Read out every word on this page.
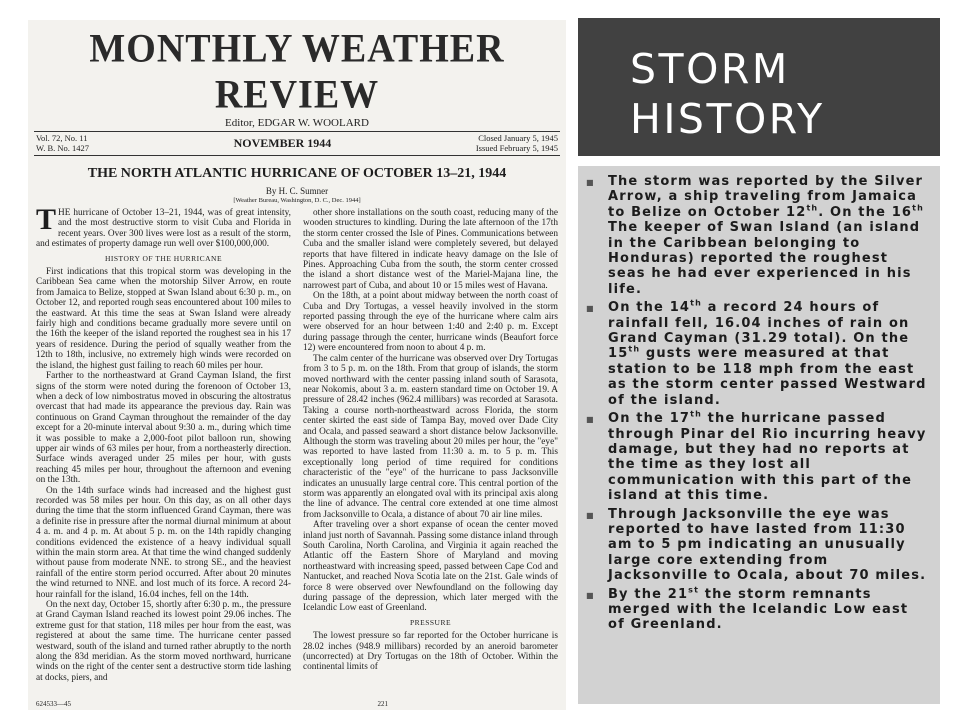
MONTHLY WEATHER REVIEW
Editor, EDGAR W. WOOLARD
Vol. 72, No. 11
W. B. No. 1427	NOVEMBER 1944	Closed January 5, 1945
Issued February 5, 1945
THE NORTH ATLANTIC HURRICANE OF OCTOBER 13–21, 1944
By H. C. Sumner
[Weather Bureau, Washington, D. C., Dec. 1944]

THE hurricane of October 13–21, 1944, was of great intensity, and the most destructive storm to visit Cuba and Florida in recent years. Over 300 lives were lost as a result of the storm, and estimates of property damage run well over $100,000,000.

HISTORY OF THE HURRICANE

First indications that this tropical storm was developing in the Caribbean Sea came when the motorship Silver Arrow, en route from Jamaica to Belize, stopped at Swan Island about 6:30 p. m., on October 12, and reported rough seas encountered about 100 miles to the eastward. At this time the seas at Swan Island were already fairly high and conditions became gradually more severe until on the 16th the keeper of the island reported the roughest sea in his 17 years of residence. During the period of squally weather from the 12th to 18th, inclusive, no extremely high winds were recorded on the island, the highest gust failing to reach 60 miles per hour.

Farther to the northeastward at Grand Cayman Island, the first signs of the storm were noted during the forenoon of October 13, when a deck of low nimbostratus moved in obscuring the altostratus overcast that had made its appearance the previous day. Rain was continuous on Grand Cayman throughout the remainder of the day except for a 20-minute interval about 9:30 a. m., during which time it was possible to make a 2,000-foot pilot balloon run, showing upper air winds of 63 miles per hour, from a northeasterly direction. Surface winds averaged under 25 miles per hour, with gusts reaching 45 miles per hour, throughout the afternoon and evening on the 13th.

On the 14th surface winds had increased and the highest gust recorded was 58 miles per hour. On this day, as on all other days during the time that the storm influenced Grand Cayman, there was a definite rise in pressure after the normal diurnal minimum at about 4 a. m. and 4 p. m. At about 5 p. m. on the 14th rapidly changing conditions evidenced the existence of a heavy individual squall within the main storm area. At that time the wind changed suddenly without pause from moderate NNE. to strong SE., and the heaviest rainfall of the entire storm period occurred. After about 20 minutes the wind returned to NNE. and lost much of its force. A record 24-hour rainfall for the island, 16.04 inches, fell on the 14th.

On the next day, October 15, shortly after 6:30 p. m., the pressure at Grand Cayman Island reached its lowest point 29.06 inches. The extreme gust for that station, 118 miles per hour from the east, was registered at about the same time. The hurricane center passed westward, south of the island and turned rather abruptly to the north along the 83d meridian. As the storm moved northward, hurricane winds on the right of the center sent a destructive storm tide lashing at docks, piers, and

other shore installations on the south coast, reducing many of the wooden structures to kindling. During the late afternoon of the 17th the storm center crossed the Isle of Pines. Communications between Cuba and the smaller island were completely severed, but delayed reports that have filtered in indicate heavy damage on the Isle of Pines. Approaching Cuba from the south, the storm center crossed the island a short distance west of the Mariel-Majana line, the narrowest part of Cuba, and about 10 or 15 miles west of Havana.

On the 18th, at a point about midway between the north coast of Cuba and Dry Tortugas, a vessel heavily involved in the storm reported passing through the eye of the hurricane where calm airs were observed for an hour between 1:40 and 2:40 p. m. Except during passage through the center, hurricane winds (Beaufort force 12) were encountered from noon to about 4 p. m.

The calm center of the hurricane was observed over Dry Tortugas from 3 to 5 p. m. on the 18th. From that group of islands, the storm moved northward with the center passing inland south of Sarasota, near Nokomis, about 3 a. m. eastern standard time on October 19. A pressure of 28.42 inches (962.4 millibars) was recorded at Sarasota. Taking a course north-northeastward across Florida, the storm center skirted the east side of Tampa Bay, moved over Dade City and Ocala, and passed seaward a short distance below Jacksonville. Although the storm was traveling about 20 miles per hour, the "eye" was reported to have lasted from 11:30 a. m. to 5 p. m. This exceptionally long period of time required for conditions characteristic of the "eye" of the hurricane to pass Jacksonville indicates an unusually large central core. This central portion of the storm was apparently an elongated oval with its principal axis along the line of advance. The central core extended at one time almost from Jacksonville to Ocala, a distance of about 70 air line miles.

After traveling over a short expanse of ocean the center moved inland just north of Savannah. Passing some distance inland through South Carolina, North Carolina, and Virginia it again reached the Atlantic off the Eastern Shore of Maryland and moving northeastward with increasing speed, passed between Cape Cod and Nantucket, and reached Nova Scotia late on the 21st. Gale winds of force 8 were observed over Newfoundland on the following day during passage of the depression, which later merged with the Icelandic Low east of Greenland.

PRESSURE

The lowest pressure so far reported for the October hurricane is 28.02 inches (948.9 millibars) recorded by an aneroid barometer (uncorrected) at Dry Tortugas on the 18th of October. Within the continental limits of

624533—45	221
STORM HISTORY
■ The storm was reported by the Silver Arrow, a ship traveling from Jamaica to Belize on October 12th. On the 16th The keeper of Swan Island (an island in the Caribbean belonging to Honduras) reported the roughest seas he had ever experienced in his life.
■ On the 14th a record 24 hours of rainfall fell, 16.04 inches of rain on Grand Cayman (31.29 total). On the 15th gusts were measured at that station to be 118 mph from the east as the storm center passed Westward of the island.
■ On the 17th the hurricane passed through Pinar del Rio incurring heavy damage, but they had no reports at the time as they lost all communication with this part of the island at this time.
■ Through Jacksonville the eye was reported to have lasted from 11:30 am to 5 pm indicating an unusually large core extending from Jacksonville to Ocala, about 70 miles.
■ By the 21st the storm remnants merged with the Icelandic Low east of Greenland.
